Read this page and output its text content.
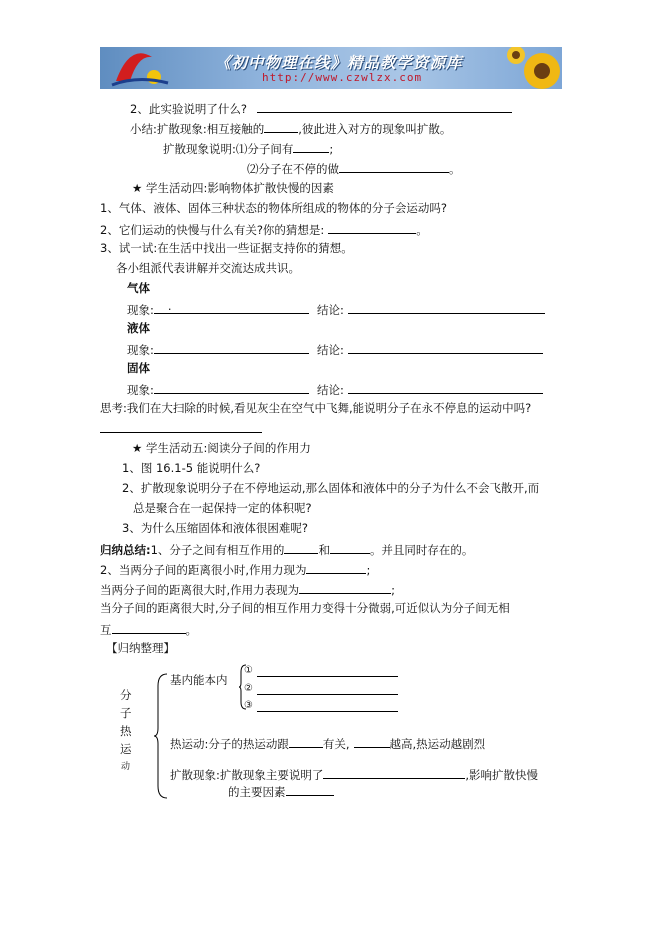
《初中物理在线》精品教学资源库
http://www.czwlzx.com
2、此实验说明了什么?
小结:扩散现象:相互接触的	,彼此进入对方的现象叫扩散。
扩散现象说明:⑴分子间有	;
⑵分子在不停的做	。
★ 学生活动四:影响物体扩散快慢的因素
1、气体、液体、固体三种状态的物体所组成的物体的分子会运动吗?
2、它们运动的快慢与什么有关?你的猜想是:	。
3、试一试:在生活中找出一些证据支持你的猜想。
各小组派代表讲解并交流达成共识。
气体
现象: .	结论:
液体
现象:	结论:
固体
现象:	结论:
思考:我们在大扫除的时候,看见灰尘在空气中飞舞,能说明分子在永不停息的运动中吗?
★ 学生活动五:阅读分子间的作用力
1、图 16.1-5 能说明什么?
2、扩散现象说明分子在不停地运动,那么固体和液体中的分子为什么不会飞散开,而
总是聚合在一起保持一定的体积呢?
3、为什么压缩固体和液体很困难呢?
归纳总结:1、分子之间有相互作用的	和	。并且同时存在的。
2、当两分子间的距离很小时,作用力现为	;
当两分子间的距离很大时,作用力表现为	;
当分子间的距离很大时,分子间的相互作用力变得十分微弱,可近似认为分子间无相
互	。
【归纳整理】
分
子
热
运
动
基内能本内
①
②
③
热运动:分子的热运动跟	有关,	越高,热运动越剧烈
扩散现象:扩散现象主要说明了	,影响扩散快慢
的主要因素
